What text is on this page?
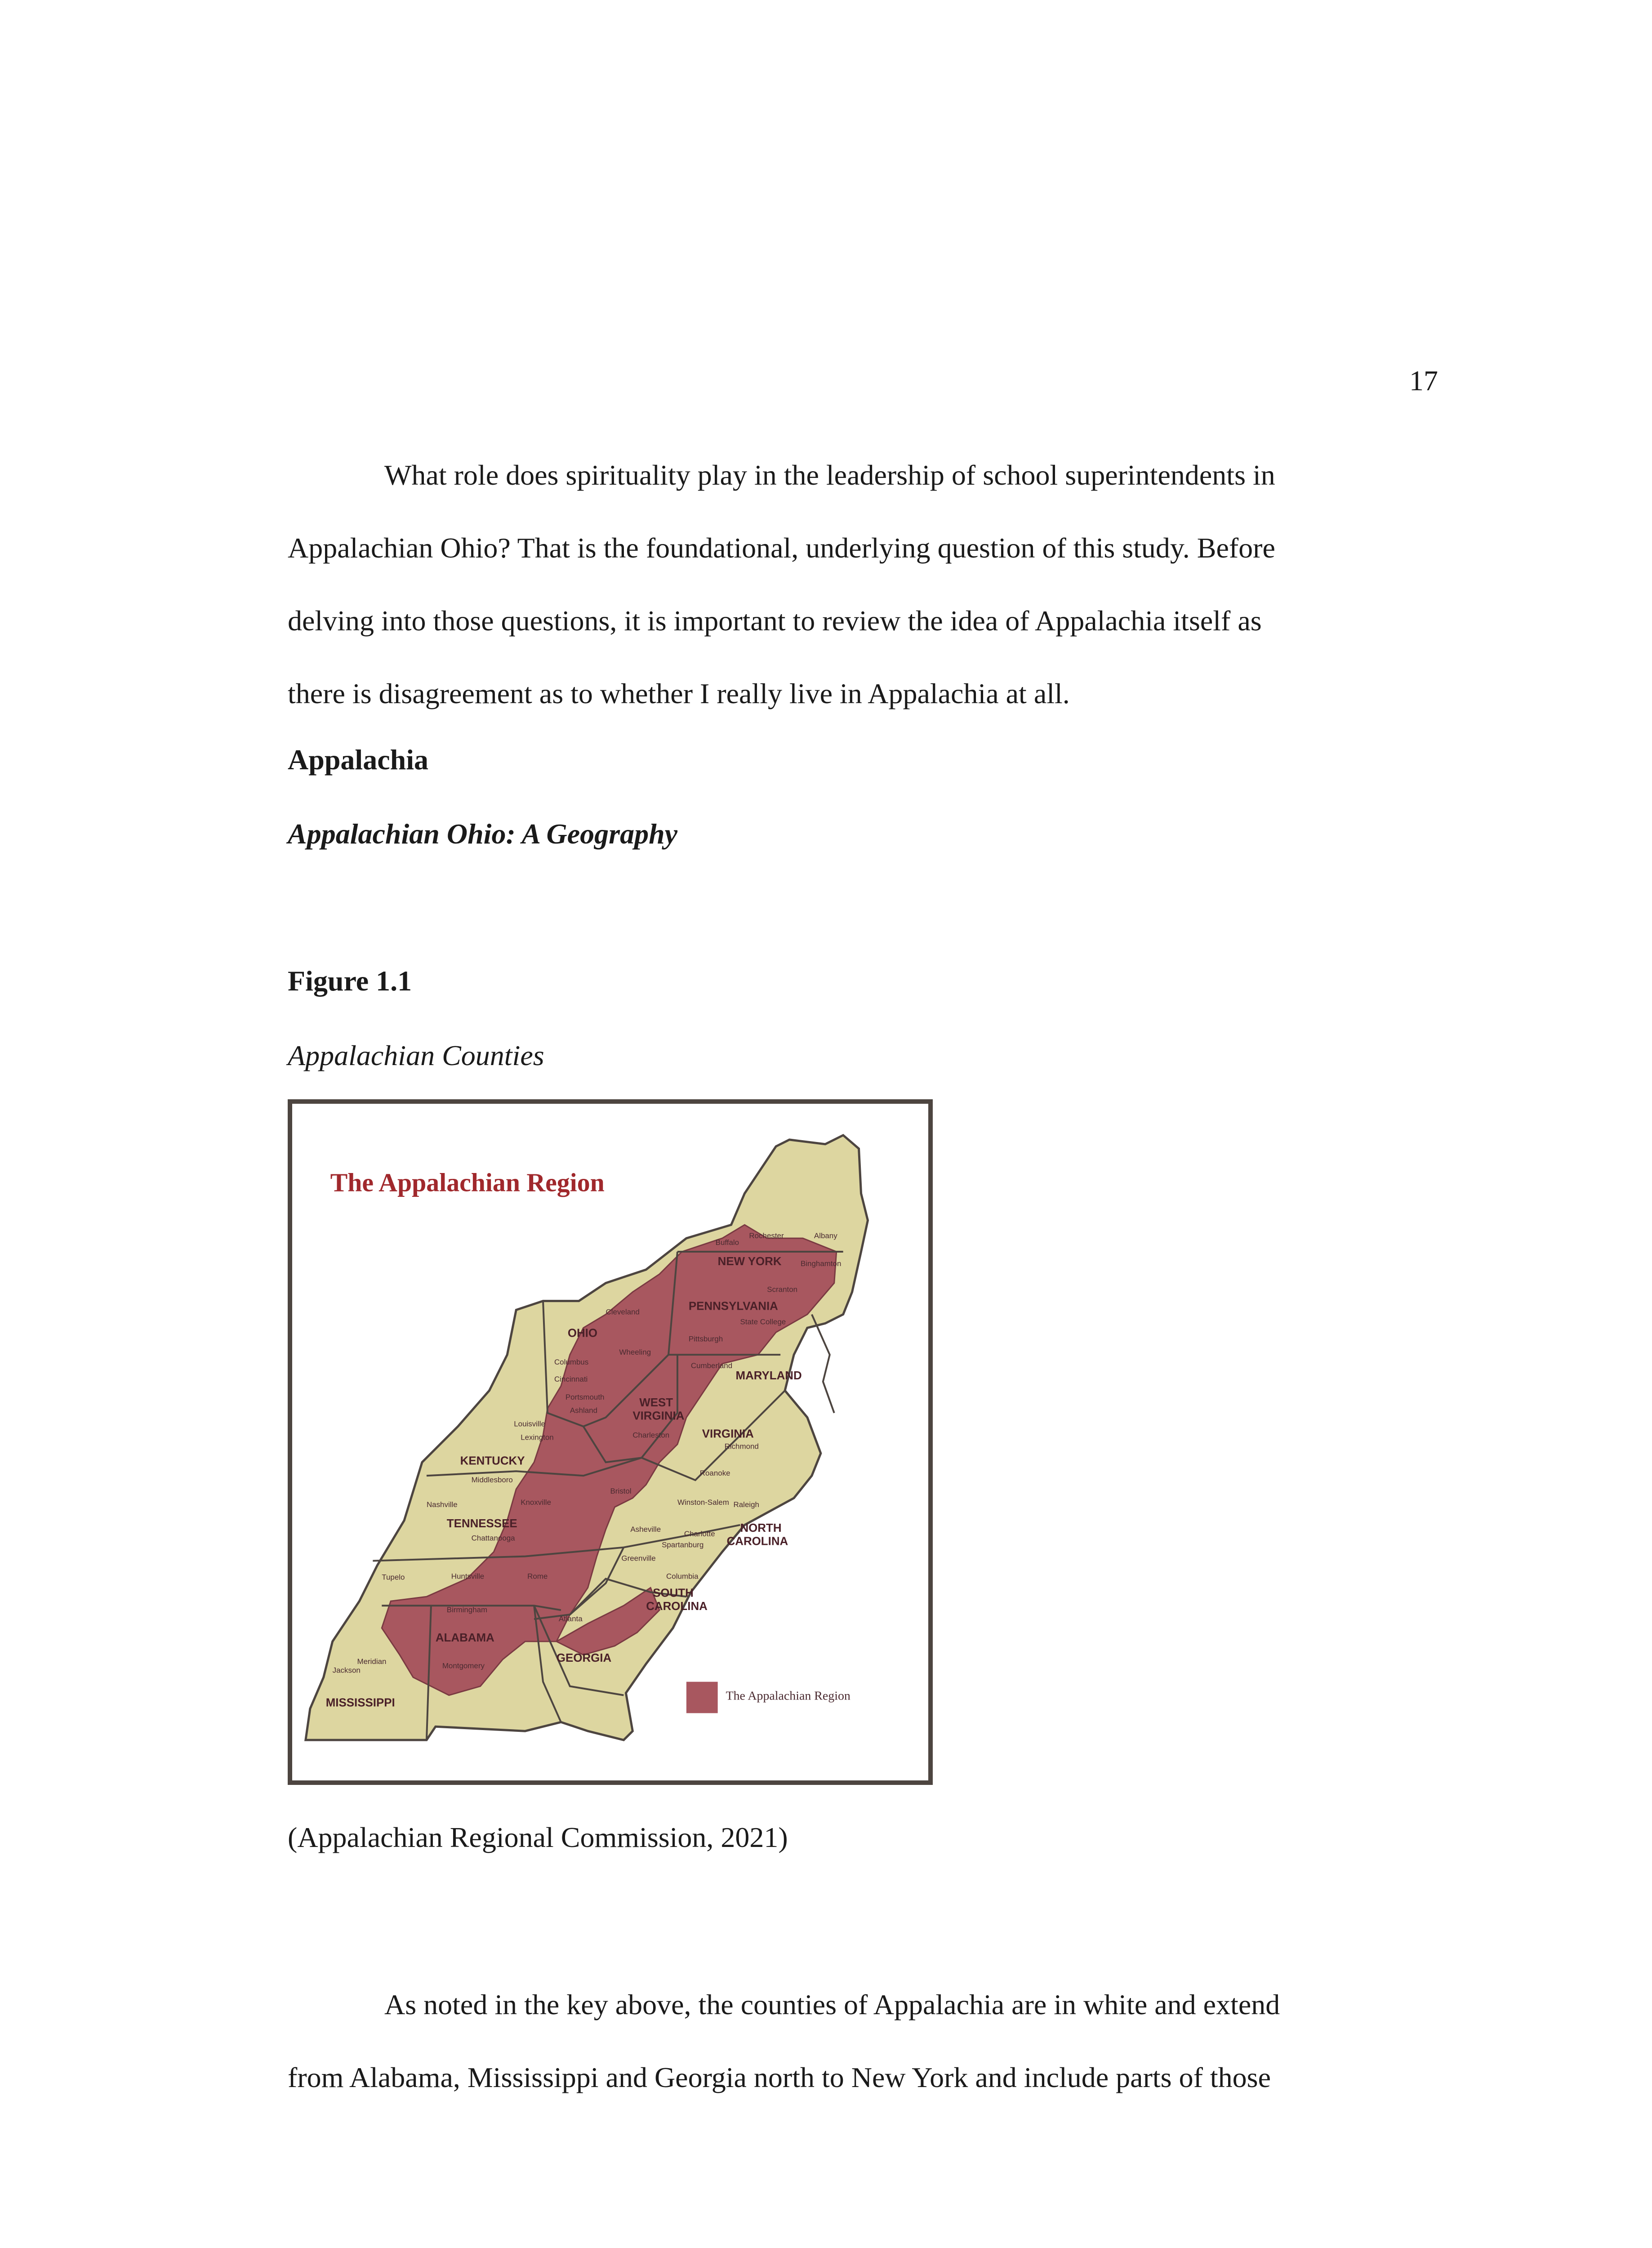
17

What role does spirituality play in the leadership of school superintendents in
Appalachian Ohio? That is the foundational, underlying question of this study. Before
delving into those questions, it is important to review the idea of Appalachia itself as
there is disagreement as to whether I really live in Appalachia at all.

Appalachia
Appalachian Ohio: A Geography
Figure 1.1
Appalachian Counties
The Appalachian Region
NEW YORK
PENNSYLVANIA
OHIO
MARYLAND
WEST
VIRGINIA
VIRGINIA
KENTUCKY
TENNESSEE	NORTH
CAROLINA
SOUTH
CAROLINA
ALABAMA
GEORGIA
MISSISSIPPI
Buffalo
Rochester	Albany
Binghamton
Scranton
State College
Cleveland
Pittsburgh
Cumberland
Columbus
Wheeling
Cincinnati
Portsmouth
Ashland
Louisville
Lexington	Charleston
Richmond
Roanoke
Middlesboro
Bristol
Nashville	Knoxville	Winston-Salem Raleigh
Chattanooga
Asheville
Charlotte
Spartanburg
Greenville
Tupelo	Huntsville	Rome	Columbia
Birmingham
Atlanta
Meridian
Jackson
Montgomery
The Appalachian Region
(Appalachian Regional Commission, 2021)

As noted in the key above, the counties of Appalachia are in white and extend
from Alabama, Mississippi and Georgia north to New York and include parts of those
